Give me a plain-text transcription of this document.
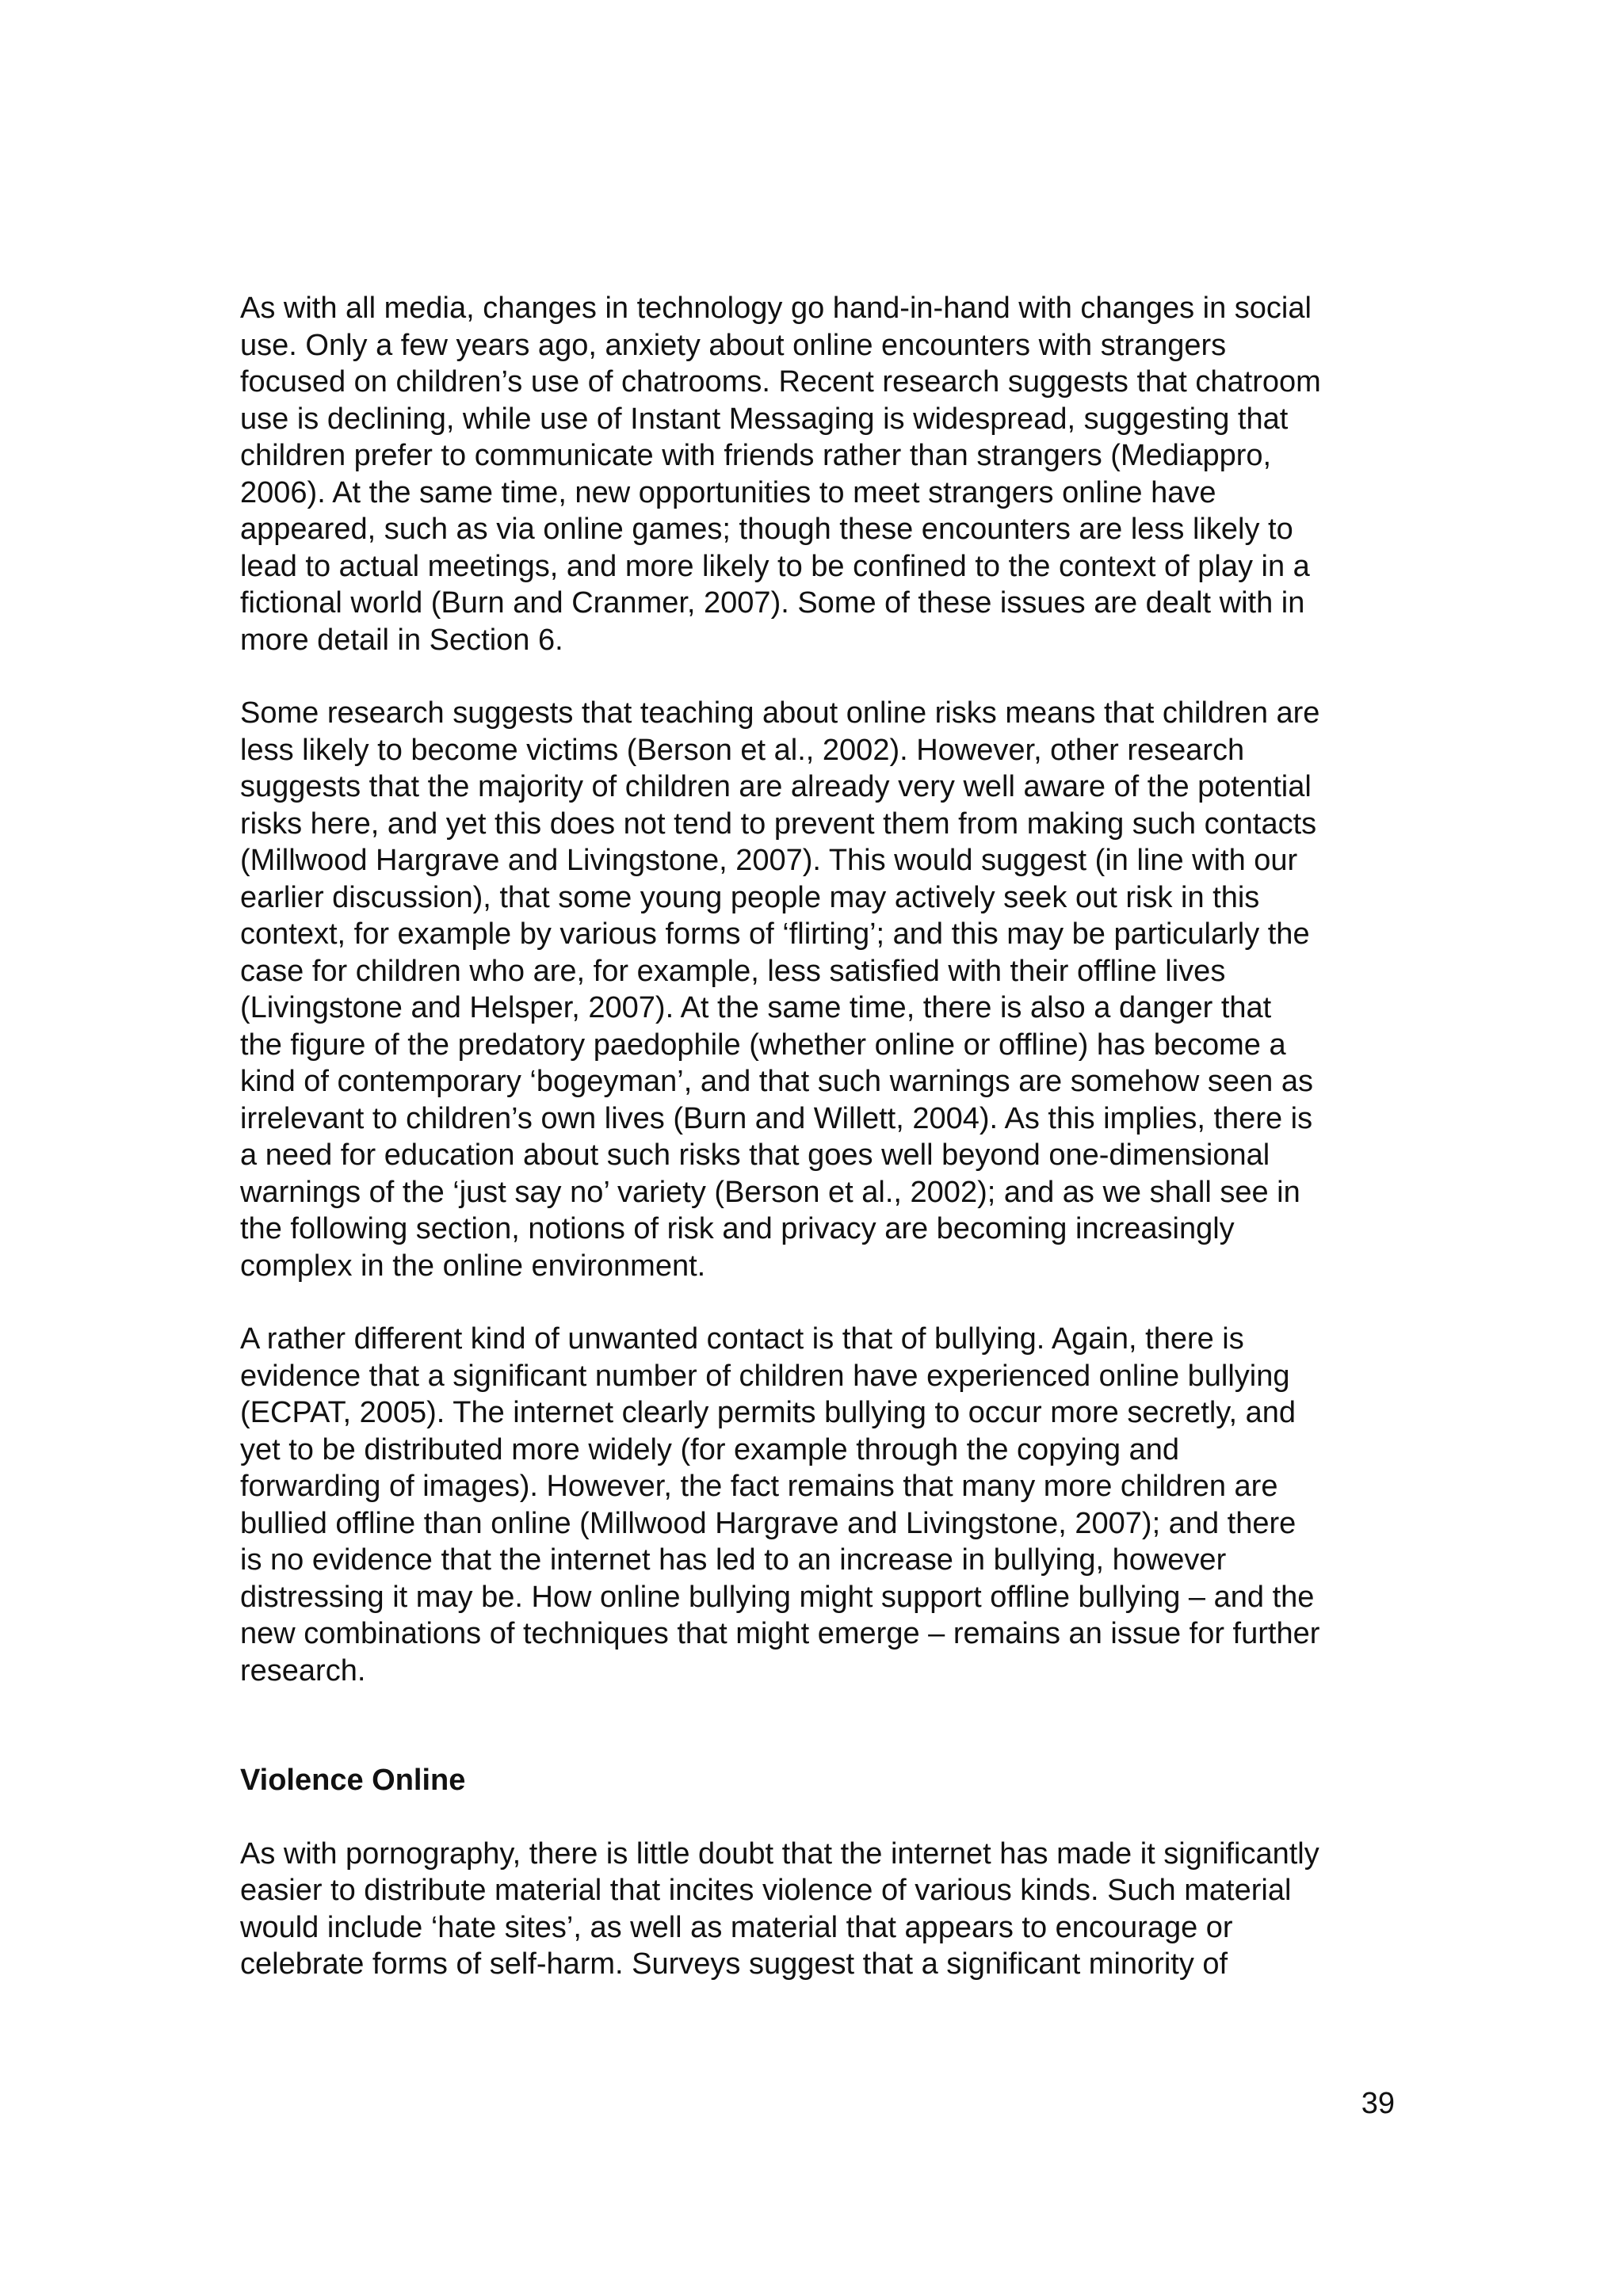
As with all media, changes in technology go hand-in-hand with changes in social
use. Only a few years ago, anxiety about online encounters with strangers
focused on children’s use of chatrooms. Recent research suggests that chatroom
use is declining, while use of Instant Messaging is widespread, suggesting that
children prefer to communicate with friends rather than strangers (Mediappro,
2006). At the same time, new opportunities to meet strangers online have
appeared, such as via online games; though these encounters are less likely to
lead to actual meetings, and more likely to be confined to the context of play in a
fictional world (Burn and Cranmer, 2007). Some of these issues are dealt with in
more detail in Section 6.

Some research suggests that teaching about online risks means that children are
less likely to become victims (Berson et al., 2002). However, other research
suggests that the majority of children are already very well aware of the potential
risks here, and yet this does not tend to prevent them from making such contacts
(Millwood Hargrave and Livingstone, 2007). This would suggest (in line with our
earlier discussion), that some young people may actively seek out risk in this
context, for example by various forms of ‘flirting’; and this may be particularly the
case for children who are, for example, less satisfied with their offline lives
(Livingstone and Helsper, 2007). At the same time, there is also a danger that
the figure of the predatory paedophile (whether online or offline) has become a
kind of contemporary ‘bogeyman’, and that such warnings are somehow seen as
irrelevant to children’s own lives (Burn and Willett, 2004). As this implies, there is
a need for education about such risks that goes well beyond one-dimensional
warnings of the ‘just say no’ variety (Berson et al., 2002); and as we shall see in
the following section, notions of risk and privacy are becoming increasingly
complex in the online environment.

A rather different kind of unwanted contact is that of bullying. Again, there is
evidence that a significant number of children have experienced online bullying
(ECPAT, 2005). The internet clearly permits bullying to occur more secretly, and
yet to be distributed more widely (for example through the copying and
forwarding of images). However, the fact remains that many more children are
bullied offline than online (Millwood Hargrave and Livingstone, 2007); and there
is no evidence that the internet has led to an increase in bullying, however
distressing it may be. How online bullying might support offline bullying – and the
new combinations of techniques that might emerge – remains an issue for further
research.

Violence Online

As with pornography, there is little doubt that the internet has made it significantly
easier to distribute material that incites violence of various kinds. Such material
would include ‘hate sites’, as well as material that appears to encourage or
celebrate forms of self-harm. Surveys suggest that a significant minority of

39
